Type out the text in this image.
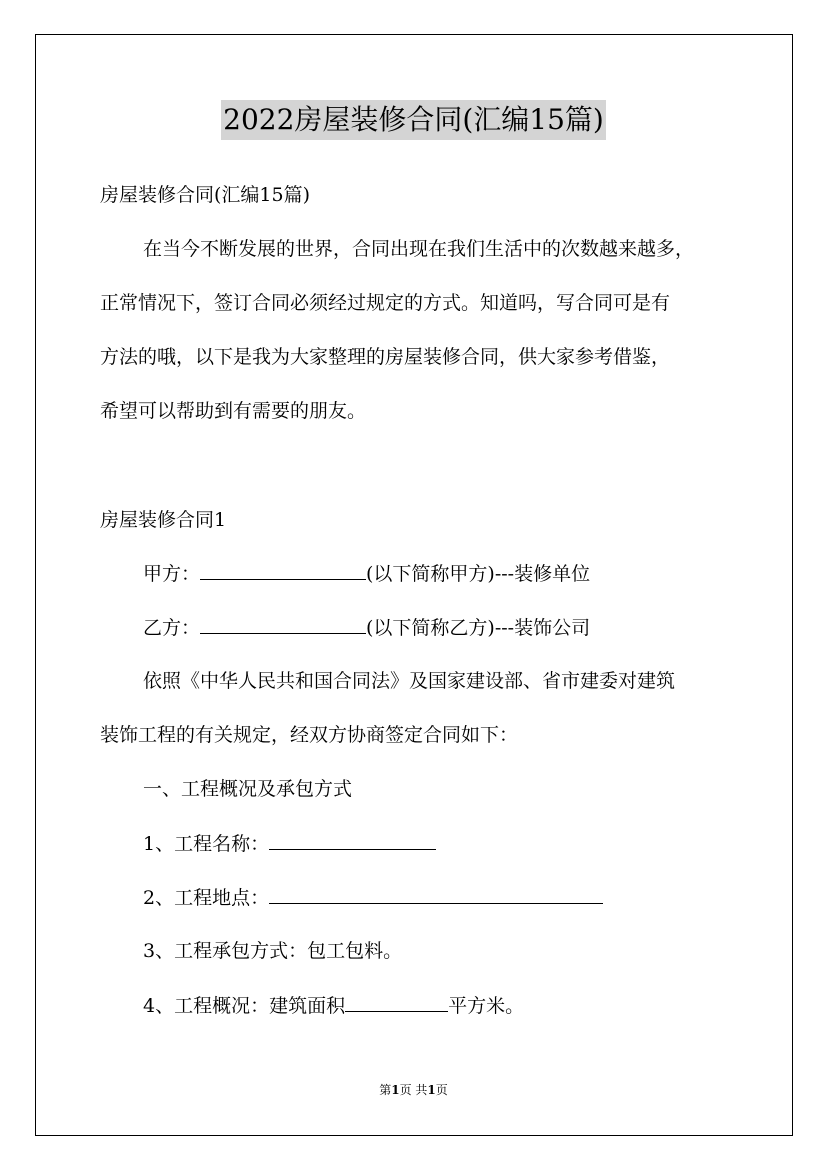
2022房屋装修合同(汇编15篇)
房屋装修合同(汇编15篇)
在当今不断发展的世界，合同出现在我们生活中的次数越来越多，
正常情况下，签订合同必须经过规定的方式。知道吗，写合同可是有
方法的哦，以下是我为大家整理的房屋装修合同，供大家参考借鉴，
希望可以帮助到有需要的朋友。
房屋装修合同1
甲方：	(以下简称甲方)---装修单位
乙方：	(以下简称乙方)---装饰公司
依照《中华人民共和国合同法》及国家建设部、省市建委对建筑
装饰工程的有关规定，经双方协商签定合同如下：
一、工程概况及承包方式
1、工程名称：
2、工程地点：
3、工程承包方式：包工包料。
4、工程概况：建筑面积	平方米。
第1页 共1页
